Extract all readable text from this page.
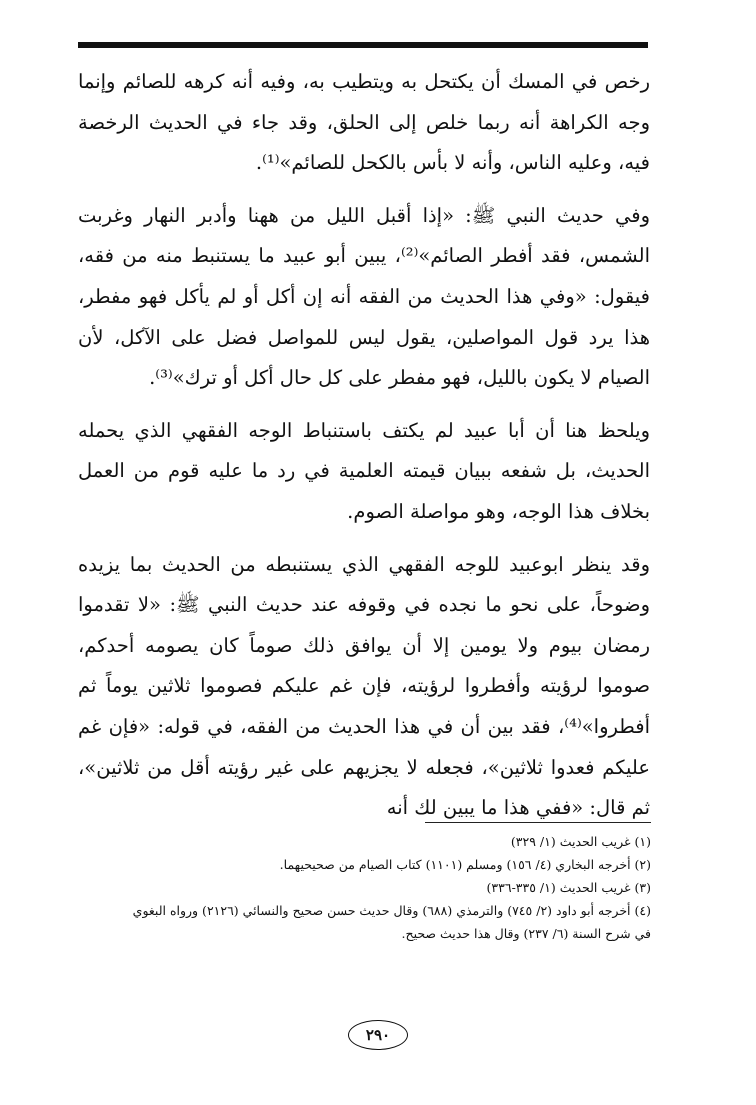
رخص في المسك أن يكتحل به ويتطيب به، وفيه أنه كرهه للصائم وإنما وجه الكراهة أنه ربما خلص إلى الحلق، وقد جاء في الحديث الرخصة فيه، وعليه الناس، وأنه لا بأس بالكحل للصائم»⁽¹⁾.

وفي حديث النبي ﷺ: «إذا أقبل الليل من ههنا وأدبر النهار وغربت الشمس، فقد أفطر الصائم»⁽²⁾، يبين أبو عبيد ما يستنبط منه من فقه، فيقول: «وفي هذا الحديث من الفقه أنه إن أكل أو لم يأكل فهو مفطر، هذا يرد قول المواصلين، يقول ليس للمواصل فضل على الآكل، لأن الصيام لا يكون بالليل، فهو مفطر على كل حال أكل أو ترك»⁽³⁾.

ويلحظ هنا أن أبا عبيد لم يكتف باستنباط الوجه الفقهي الذي يحمله الحديث، بل شفعه ببيان قيمته العلمية في رد ما عليه قوم من العمل بخلاف هذا الوجه، وهو مواصلة الصوم.

وقد ينظر ابوعبيد للوجه الفقهي الذي يستنبطه من الحديث بما يزيده وضوحاً، على نحو ما نجده في وقوفه عند حديث النبي ﷺ: «لا تقدموا رمضان بيوم ولا يومين إلا أن يوافق ذلك صوماً كان يصومه أحدكم، صوموا لرؤيته وأفطروا لرؤيته، فإن غم عليكم فصوموا ثلاثين يوماً ثم أفطروا»⁽⁴⁾، فقد بين أن في هذا الحديث من الفقه، في قوله: «فإن غم عليكم فعدوا ثلاثين»، فجعله لا يجزيهم على غير رؤيته أقل من ثلاثين»، ثم قال: «ففي هذا ما يبين لك أنه

(١) غريب الحديث (١/ ٣٢٩)

(٢) أخرجه البخاري (٤/ ١٥٦) ومسلم (١١٠١) كتاب الصيام من صحيحيهما.

(٣) غريب الحديث (١/ ٣٣٥-٣٣٦)

(٤) أخرجه أبو داود (٢/ ٧٤٥) والترمذي (٦٨٨) وقال حديث حسن صحيح والنسائي (٢١٢٦) ورواه البغوي في شرح السنة (٦/ ٢٣٧) وقال هذا حديث صحيح.

٢٩٠
